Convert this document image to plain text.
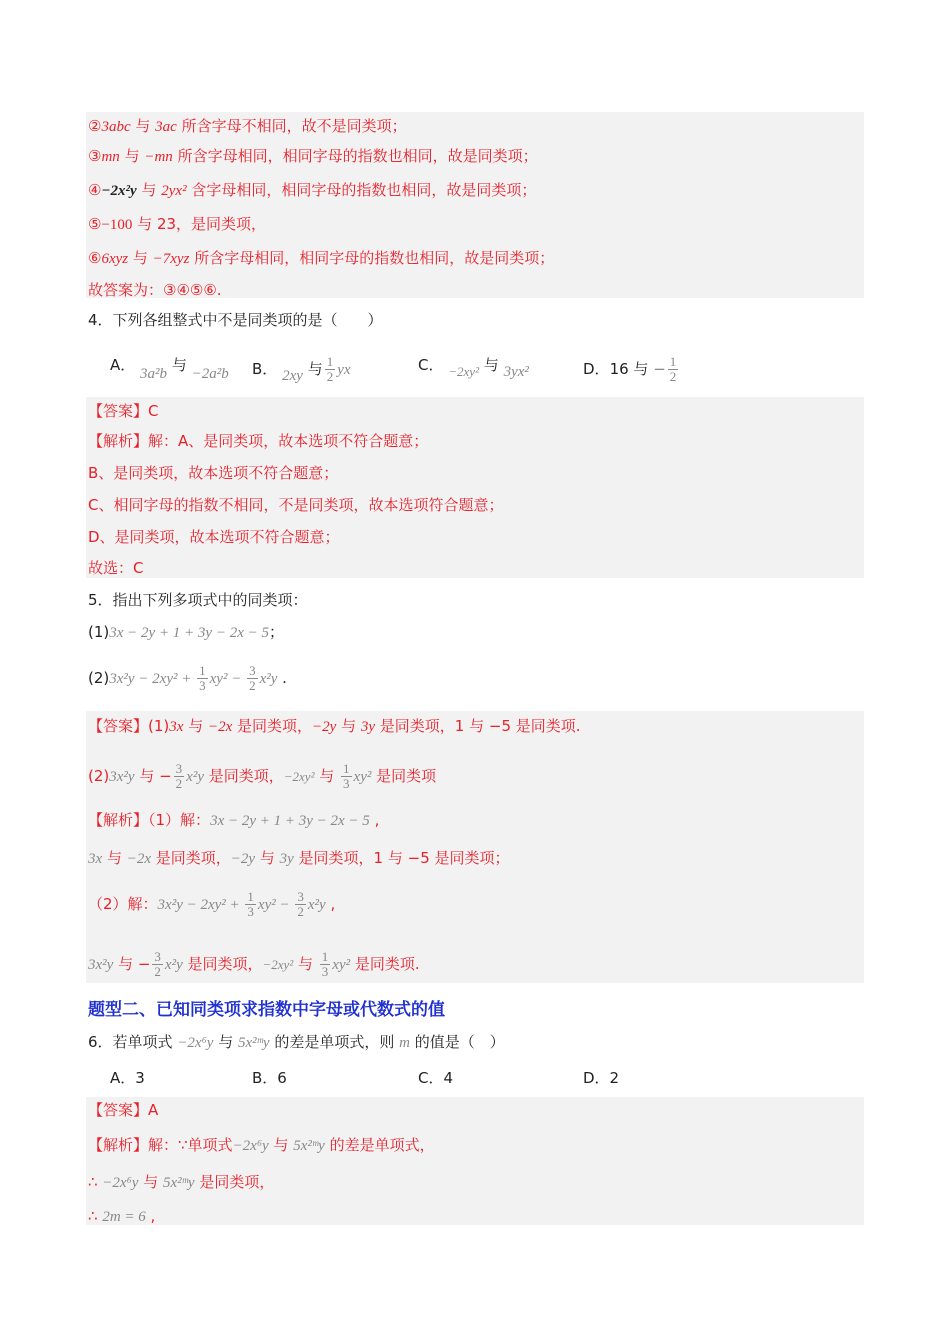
②3abc 与 3ac 所含字母不相同，故不是同类项；
③mn 与 −mn 所含字母相同，相同字母的指数也相同，故是同类项；
④−2x²y 与 2yx² 含字母相同，相同字母的指数也相同，故是同类项；
⑤−100 与 23，是同类项，
⑥6xyz 与 −7xyz 所含字母相同，相同字母的指数也相同，故是同类项；
故答案为：③④⑤⑥.
4．下列各组整式中不是同类项的是（　　）
A． 3a²b 与 −2a²b B． 2xy 与 $\frac{1}{2}$ yx	C． −2xy² 与 3yx²	D．16 与 − $\frac{1}{2}$
【答案】C
【解析】解：A、是同类项，故本选项不符合题意；
B、是同类项，故本选项不符合题意；
C、相同字母的指数不相同，不是同类项，故本选项符合题意；
D、是同类项，故本选项不符合题意；
故选：C
5．指出下列多项式中的同类项：
(1)3x − 2y + 1 + 3y − 2x − 5；
$(2)3x^2y - 2xy^2 + \frac{1}{3} xy^2 - \frac{3}{2} x^2y$ .
【答案】(1)3x 与 −2x 是同类项，−2y 与 3y 是同类项，1 与 −5 是同类项.
(2)3x²y 与 − $\frac{3}{2} x^2y$ 是同类项，−2xy² 与 $\frac{1}{3} xy^2$ 是同类项
【解析】（1）解：3x − 2y + 1 + 3y − 2x − 5 ,
3x 与 −2x 是同类项，−2y 与 3y 是同类项，1 与 −5 是同类项；
（2）解：$3x^2y - 2xy^2 + \frac{1}{3} xy^2 - \frac{3}{2} x^2y$ ,
3x²y 与 − $\frac{3}{2} x^2y$ 是同类项，−2xy² 与 $\frac{1}{3} xy^2$ 是同类项.
题型二、已知同类项求指数中字母或代数式的值
6．若单项式 −2x⁶y 与 5x²ᵐy 的差是单项式，则 m 的值是（　）
A．3	B．6	C．4	D．2
【答案】A
【解析】解：∵单项式−2x⁶y 与 5x²ᵐy 的差是单项式，
∴ −2x⁶y 与 5x²ᵐy 是同类项，
∴ 2m = 6 ,
